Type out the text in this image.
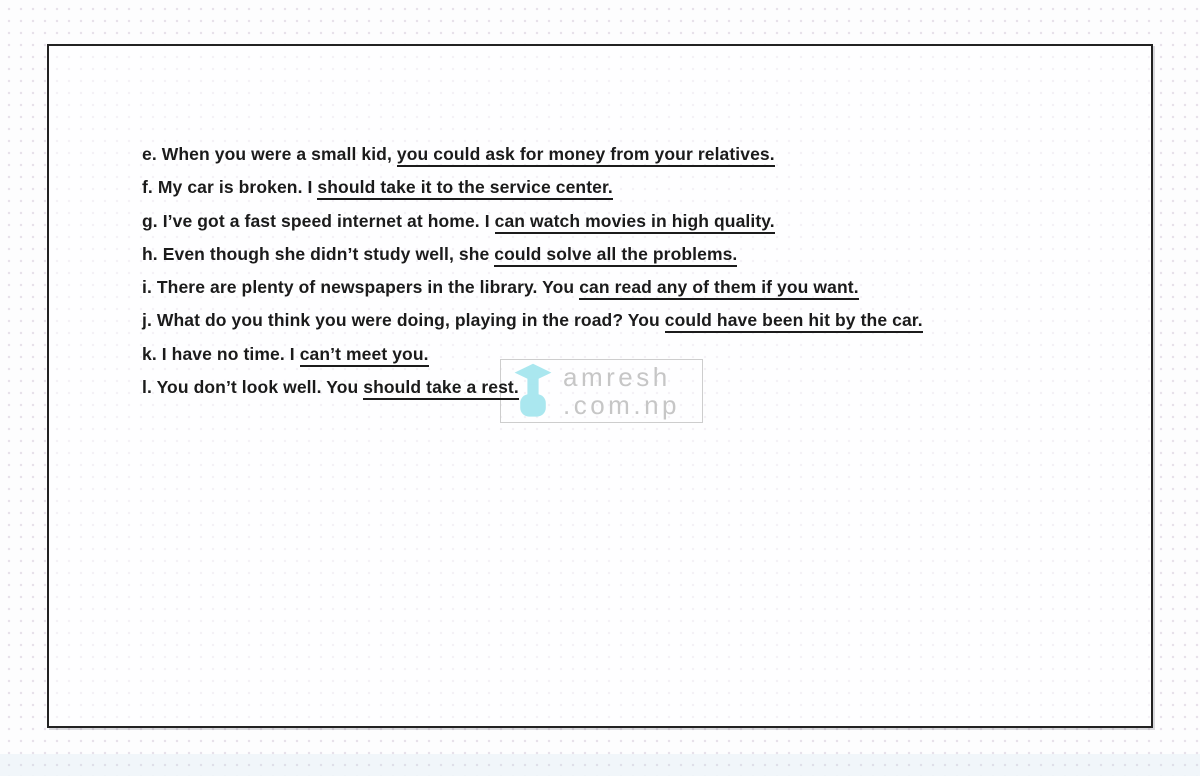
amresh
.com.np
e. When you were a small kid, you could ask for money from your relatives.
f. My car is broken. I should take it to the service center.
g. I’ve got a fast speed internet at home. I can watch movies in high quality.
h. Even though she didn’t study well, she could solve all the problems.
i. There are plenty of newspapers in the library. You can read any of them if you want.
j. What do you think you were doing, playing in the road? You could have been hit by the car.
k. I have no time. I can’t meet you.
l. You don’t look well. You should take a rest.
